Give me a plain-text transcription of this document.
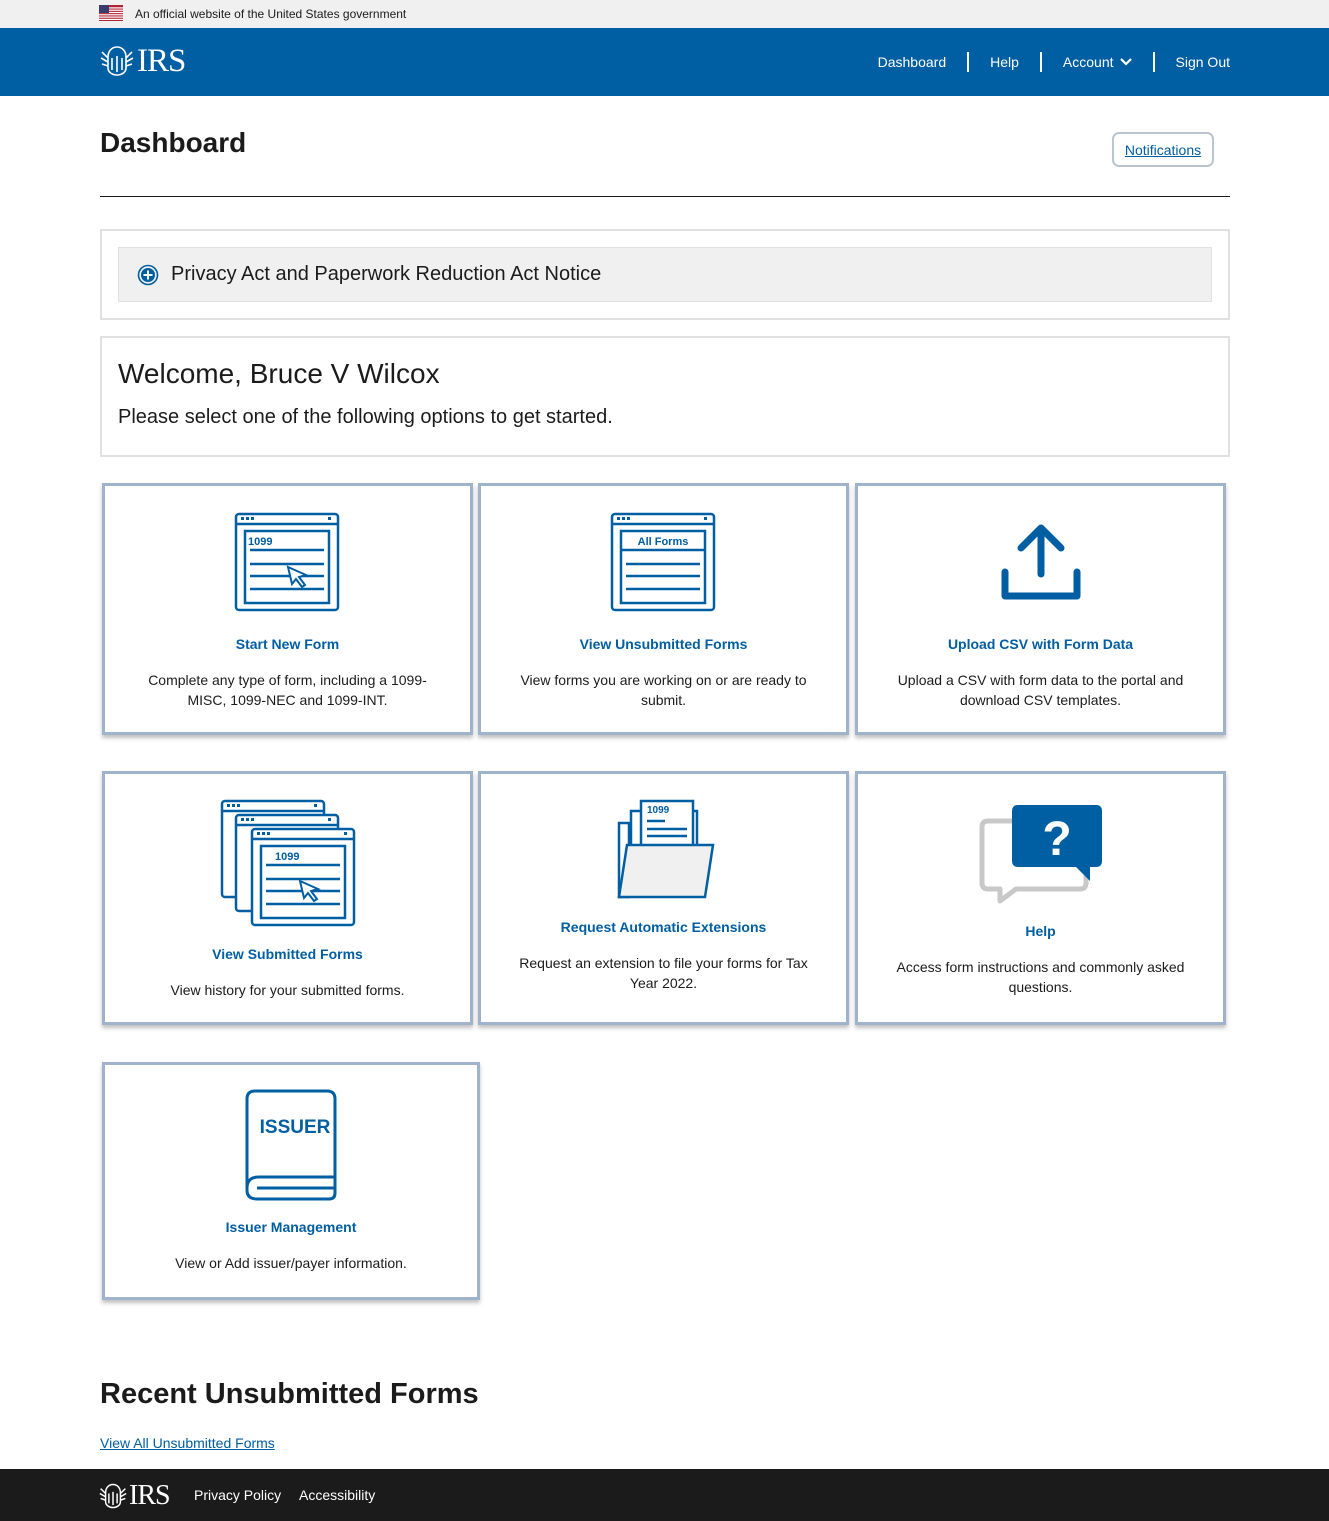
An official website of the United States government
IRS	Dashboard	Help	Account	Sign Out
Dashboard	Notifications
Privacy Act and Paperwork Reduction Act Notice
Welcome, Bruce V Wilcox
Please select one of the following options to get started.
1099
Start New Form
Complete any type of form, including a 1099-MISC, 1099-NEC and 1099-INT.
All Forms
View Unsubmitted Forms
View forms you are working on or are ready to submit.
Upload CSV with Form Data
Upload a CSV with form data to the portal and download CSV templates.
1099
View Submitted Forms
View history for your submitted forms.
1099
Request Automatic Extensions
Request an extension to file your forms for Tax Year 2022.
?
Help
Access form instructions and commonly asked questions.
ISSUER
Issuer Management
View or Add issuer/payer information.
Recent Unsubmitted Forms
View All Unsubmitted Forms
IRS Privacy Policy Accessibility
